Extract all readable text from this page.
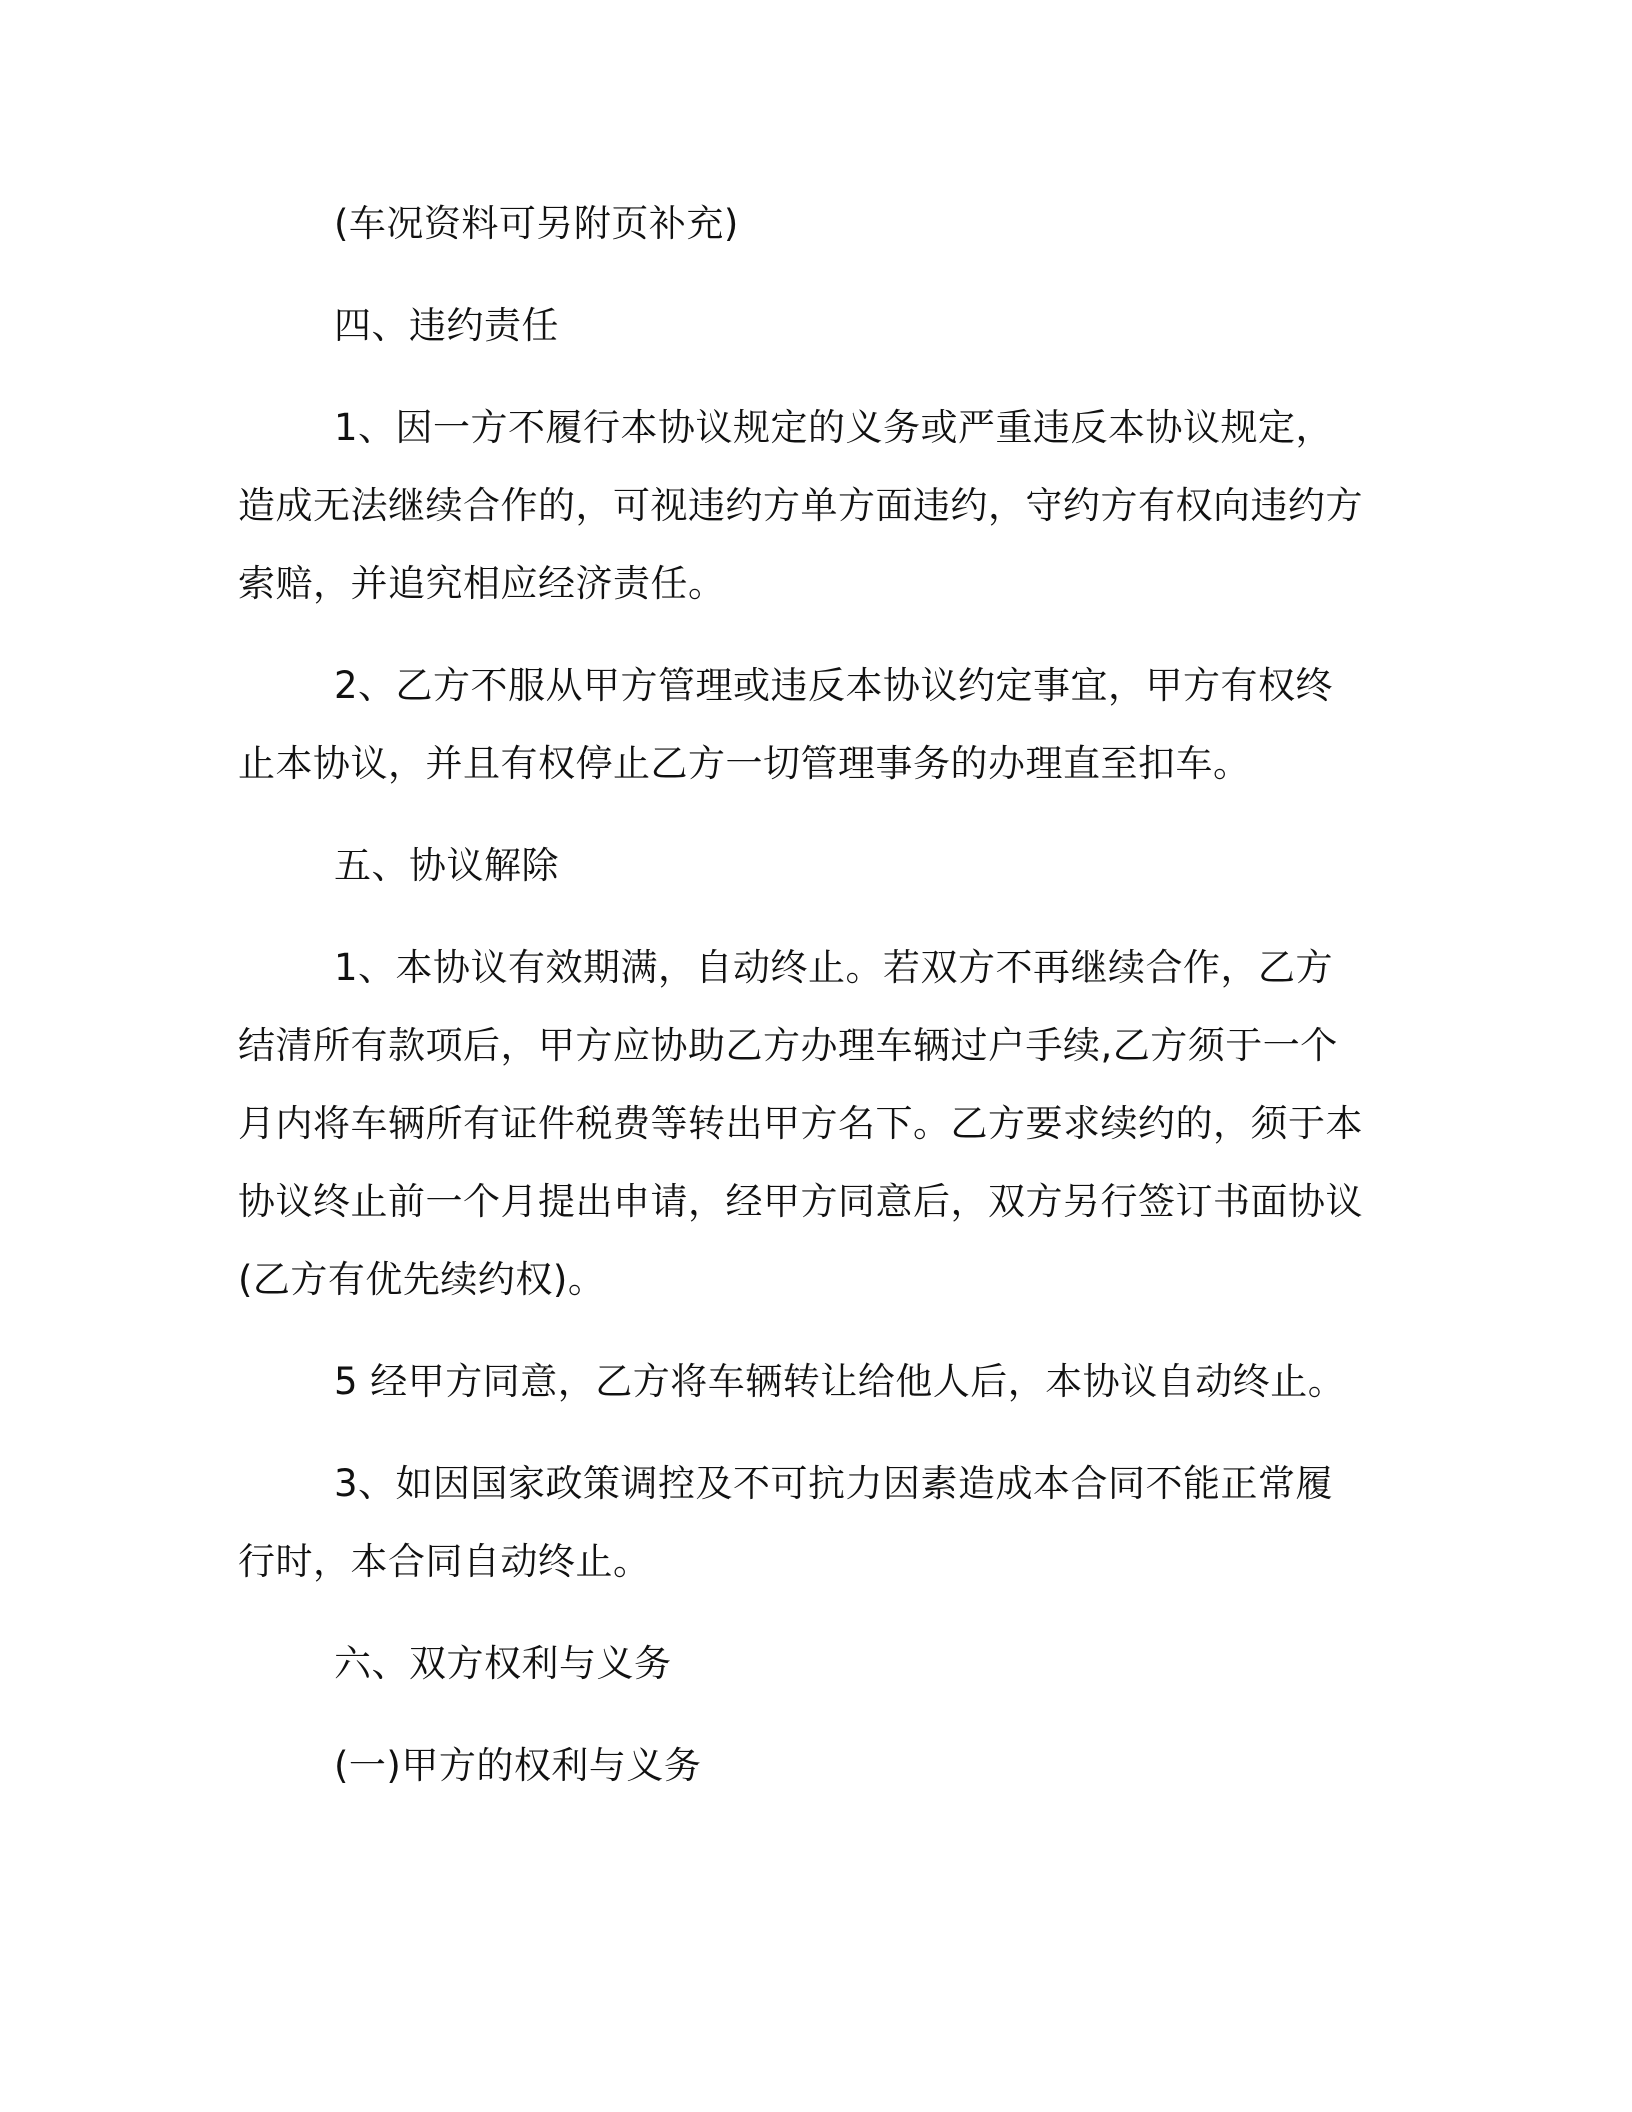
(车况资料可另附页补充)

四、违约责任

1、因一方不履行本协议规定的义务或严重违反本协议规定，造成无法继续合作的，可视违约方单方面违约，守约方有权向违约方索赔，并追究相应经济责任。

2、乙方不服从甲方管理或违反本协议约定事宜，甲方有权终止本协议，并且有权停止乙方一切管理事务的办理直至扣车。

五、协议解除

1、本协议有效期满，自动终止。若双方不再继续合作，乙方结清所有款项后，甲方应协助乙方办理车辆过户手续,乙方须于一个月内将车辆所有证件税费等转出甲方名下。乙方要求续约的，须于本协议终止前一个月提出申请，经甲方同意后，双方另行签订书面协议(乙方有优先续约权)。

5 经甲方同意，乙方将车辆转让给他人后，本协议自动终止。

3、如因国家政策调控及不可抗力因素造成本合同不能正常履行时，本合同自动终止。

六、双方权利与义务

(一)甲方的权利与义务
